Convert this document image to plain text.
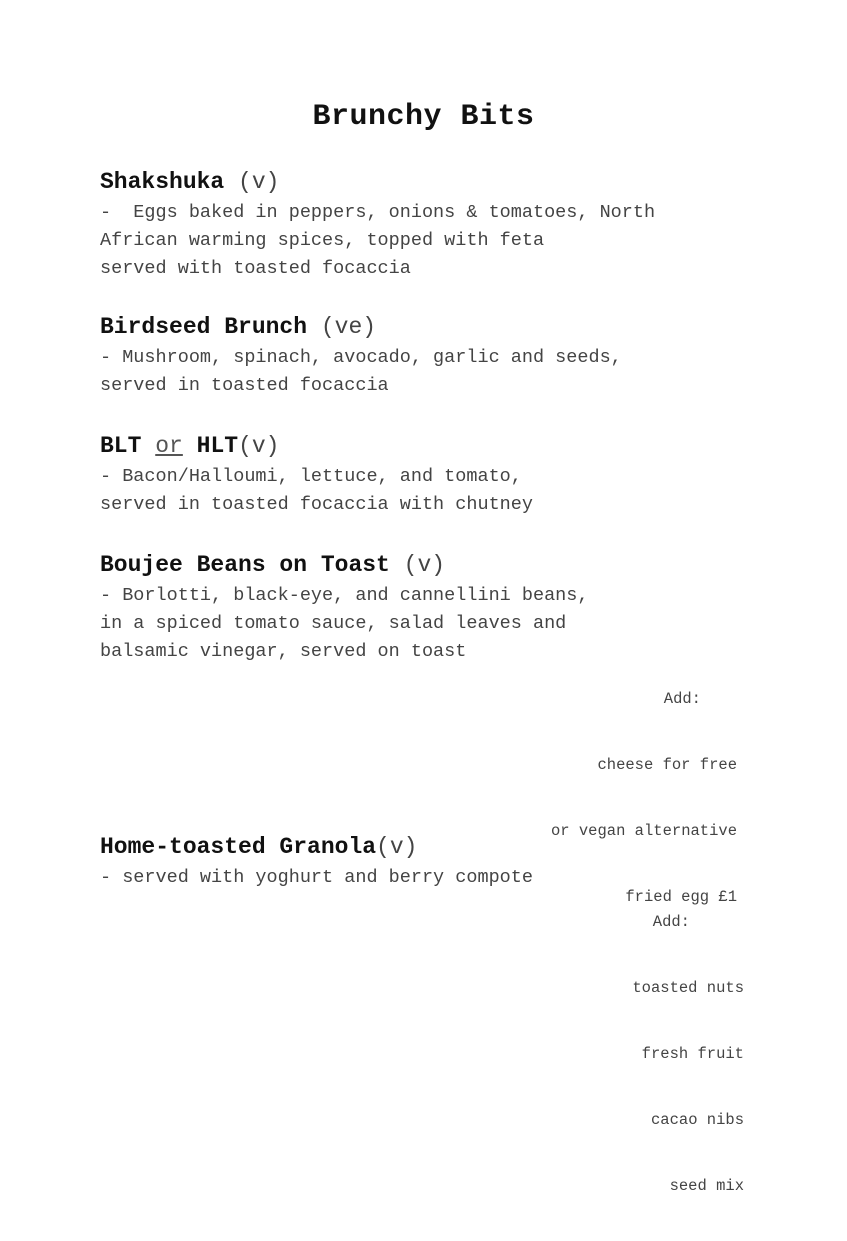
Brunchy Bits
Shakshuka (v)
-  Eggs baked in peppers, onions & tomatoes, North
African warming spices, topped with feta
served with toasted focaccia
Birdseed Brunch (ve)
- Mushroom, spinach, avocado, garlic and seeds,
served in toasted focaccia
BLT or HLT(v)
- Bacon/Halloumi, lettuce, and tomato,
served in toasted focaccia with chutney
Boujee Beans on Toast (v)
- Borlotti, black-eye, and cannellini beans,
in a spiced tomato sauce, salad leaves and
balsamic vinegar, served on toast

Add:

cheese for free

or vegan alternative

fried egg £1

Home-toasted Granola(v)
- served with yoghurt and berry compote

Add:

toasted nuts

fresh fruit

cacao nibs

seed mix
